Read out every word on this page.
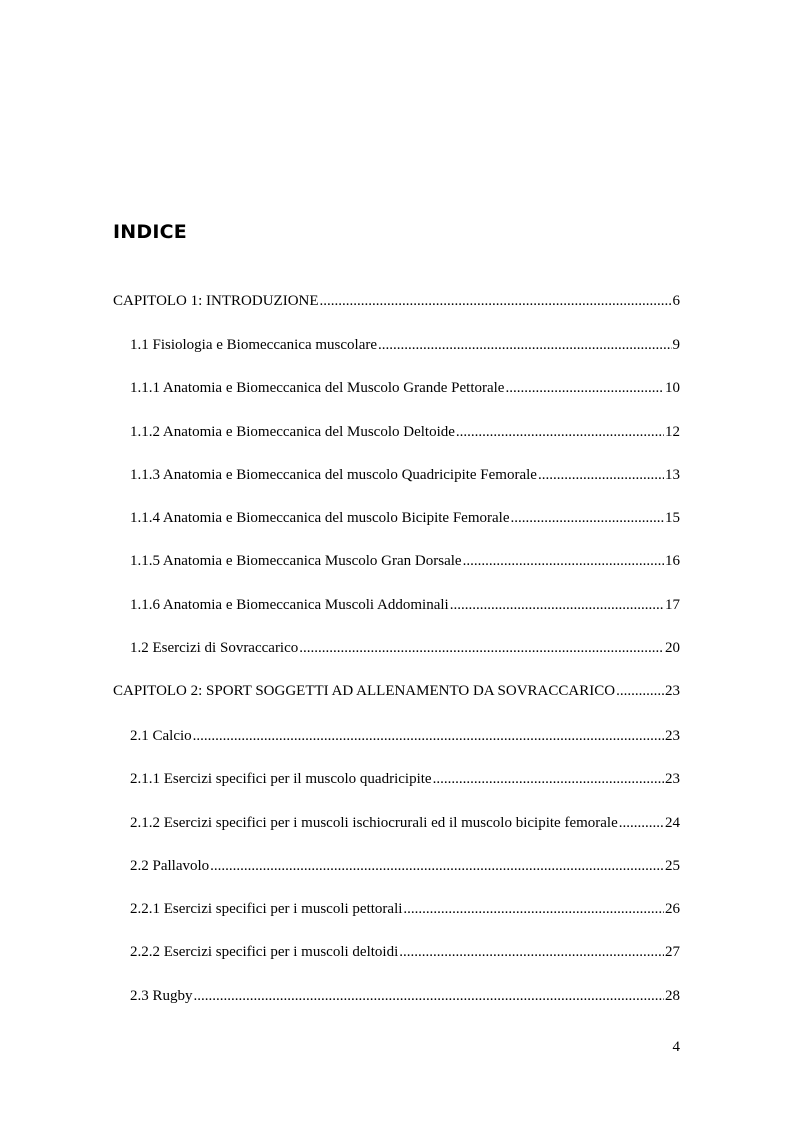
INDICE
CAPITOLO 1: INTRODUZIONE .....	6
1.1 Fisiologia e Biomeccanica muscolare .....	9
1.1.1 Anatomia e Biomeccanica del Muscolo Grande Pettorale .....	10
1.1.2 Anatomia e Biomeccanica del Muscolo Deltoide .....	12
1.1.3 Anatomia e Biomeccanica del muscolo Quadricipite Femorale .....	13
1.1.4 Anatomia e Biomeccanica del muscolo Bicipite Femorale .....	15
1.1.5 Anatomia e Biomeccanica Muscolo Gran Dorsale .....	16
1.1.6 Anatomia e Biomeccanica Muscoli Addominali .....	17
1.2 Esercizi di Sovraccarico .....	20
CAPITOLO 2: SPORT SOGGETTI AD ALLENAMENTO DA SOVRACCARICO .....	23
2.1 Calcio .....	23
2.1.1 Esercizi specifici per il muscolo quadricipite .....	23
2.1.2 Esercizi specifici per i muscoli ischiocrurali ed il muscolo bicipite femorale .....	24
2.2 Pallavolo .....	25
2.2.1 Esercizi specifici per i muscoli pettorali .....	26
2.2.2 Esercizi specifici per i muscoli deltoidi .....	27
2.3 Rugby .....	28
4
